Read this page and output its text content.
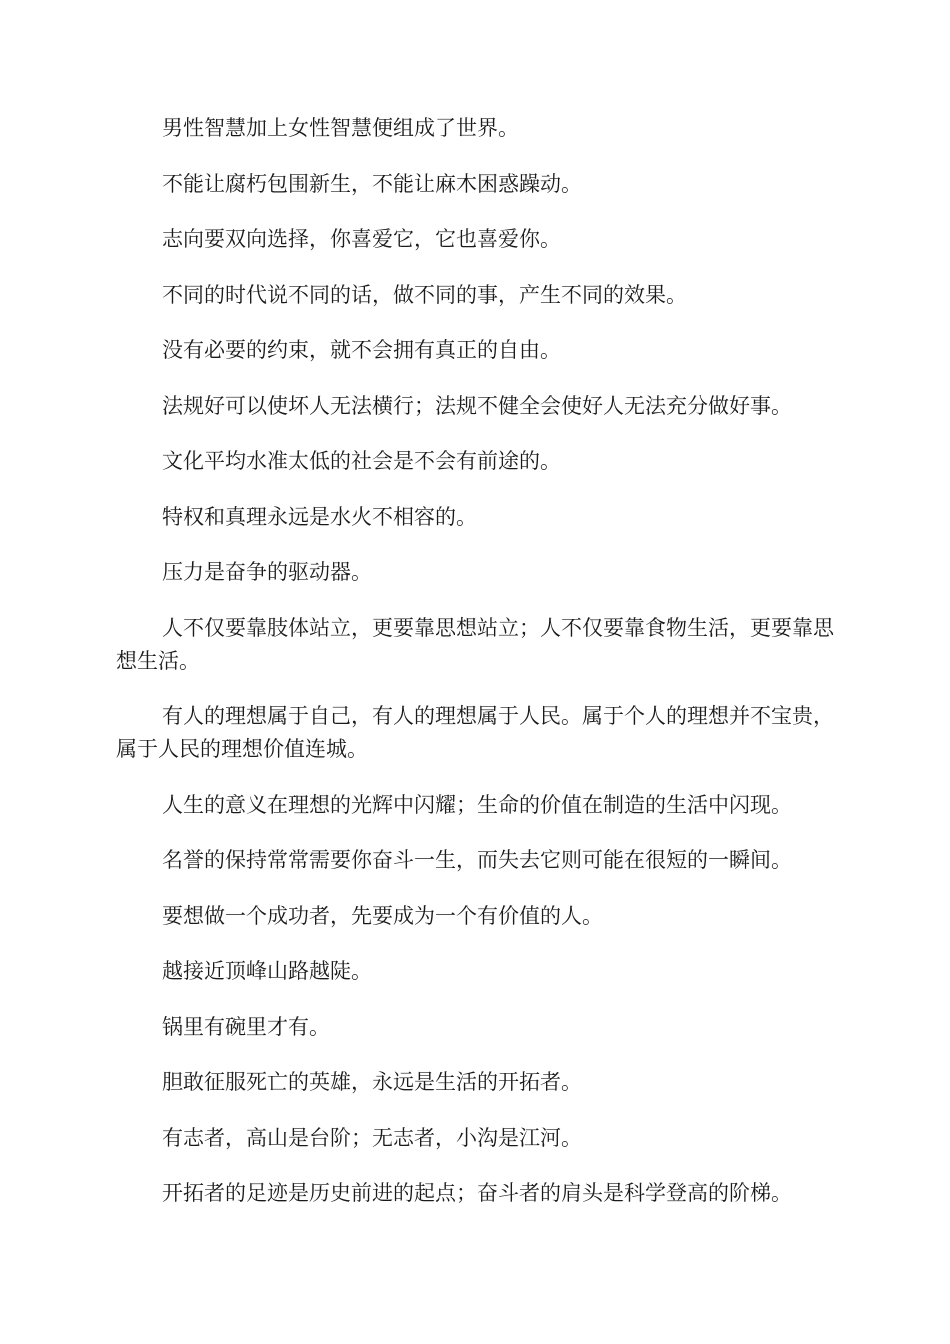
男性智慧加上女性智慧便组成了世界。

不能让腐朽包围新生，不能让麻木困惑躁动。

志向要双向选择，你喜爱它，它也喜爱你。

不同的时代说不同的话，做不同的事，产生不同的效果。

没有必要的约束，就不会拥有真正的自由。

法规好可以使坏人无法横行；法规不健全会使好人无法充分做好事。

文化平均水准太低的社会是不会有前途的。

特权和真理永远是水火不相容的。

压力是奋争的驱动器。

人不仅要靠肢体站立，更要靠思想站立；人不仅要靠食物生活，更要靠思想生活。

有人的理想属于自己，有人的理想属于人民。属于个人的理想并不宝贵，属于人民的理想价值连城。

人生的意义在理想的光辉中闪耀；生命的价值在制造的生活中闪现。

名誉的保持常常需要你奋斗一生，而失去它则可能在很短的一瞬间。

要想做一个成功者，先要成为一个有价值的人。

越接近顶峰山路越陡。

锅里有碗里才有。

胆敢征服死亡的英雄，永远是生活的开拓者。

有志者，高山是台阶；无志者，小沟是江河。

开拓者的足迹是历史前进的起点；奋斗者的肩头是科学登高的阶梯。
